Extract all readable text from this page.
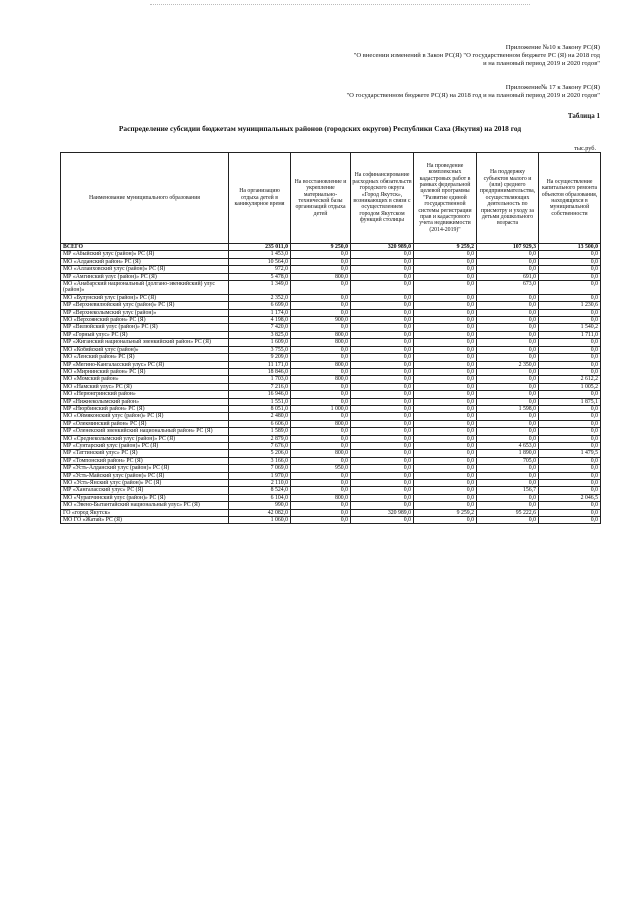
Приложение №10 к Закону РС(Я)
"О внесении изменений в Закон РС(Я) "О государственном бюджете РС (Я) на 2018 год
и на плановый период 2019 и 2020 годов"
Приложение№ 17 к Закону РС(Я)
"О государственном бюджете РС(Я) на 2018 год и на плановый период 2019 и 2020 годов"
Таблица 1
Распределение субсидии бюджетам муниципальных районов (городских округов) Республики Саха (Якутия) на 2018 год
тыс.руб.
Наименование муниципального образования	На организацию отдыха детей в каникулярное время	На восстановление и укрепление материально-технической базы организаций отдыха детей	На софинансирование расходных обязательств городского округа «Город Якутск», возникающих в связи с осуществлением городом Якутском функций столицы	На проведение комплексных кадастровых работ в рамках федеральной целевой программы "Развитие единой государственной системы регистрации прав и кадастрового учета недвижимости (2014-2019)"	На поддержку субъектов малого и (или) среднего предпринимательства, осуществляющих деятельность по присмотру и уходу за детьми дошкольного возраста	На осуществление капитального ремонта объектов образования, находящихся в муниципальной собственности
ВСЕГО	235 011,0	9 250,0	320 989,0	9 259,2	107 929,3	13 500,0
МР «Абыйский улус (район)» РС (Я)	1 453,0	0,0	0,0	0,0	0,0	0,0
МО «Алданский район» РС (Я)	10 564,0	0,0	0,0	0,0	0,0	0,0
МО «Аллаиховский улус (район)» РС (Я)	972,0	0,0	0,0	0,0	0,0	0,0
МР «Амгинский улус (район)» РС (Я)	5 478,0	800,0	0,0	0,0	691,0	0,0
МО «Анабарский национальный (долгано-эвенкийский) улус (район)»	1 349,0	0,0	0,0	0,0	673,0	0,0
МО «Булунский улус (район)» РС (Я)	2 352,0	0,0	0,0	0,0	0,0	0,0
МР «Верхневилюйский улус (район)» РС (Я)	6 699,0	0,0	0,0	0,0	0,0	1 230,6
МР «Верхнеколымский улус (район)»	1 174,0	0,0	0,0	0,0	0,0	0,0
МО «Верхоянский район» РС (Я)	4 198,0	900,0	0,0	0,0	0,0	0,0
МР «Вилюйский улус (район)» РС (Я)	7 420,0	0,0	0,0	0,0	0,0	1 540,2
МР «Горный улус» РС (Я)	3 825,0	800,0	0,0	0,0	0,0	1 711,0
МР «Жиганский национальный эвенкийский район» РС (Я)	1 609,0	800,0	0,0	0,0	0,0	0,0
МО «Кобяйский улус (район)»	3 755,0	0,0	0,0	0,0	0,0	0,0
МО «Ленский район» РС (Я)	9 209,0	0,0	0,0	0,0	0,0	0,0
МР «Мегино-Кангаласский улус» РС (Я)	11 171,0	800,0	0,0	0,0	2 350,0	0,0
МО «Мирнинский район» РС (Я)	18 846,0	0,0	0,0	0,0	0,0	0,0
МО «Момский район»	1 703,0	800,0	0,0	0,0	0,0	2 612,2
МО «Намский улус» РС (Я)	7 216,0	0,0	0,0	0,0	0,0	1 005,2
МО «Нерюнгринский район»	16 946,0	0,0	0,0	0,0	0,0	0,0
МР «Нижнеколымский район»	1 551,0	0,0	0,0	0,0	0,0	1 875,1
МР «Нюрбинский район» РС (Я)	8 051,0	1 000,0	0,0	0,0	1 598,0	0,0
МО «Оймяконский улус (район)» РС (Я)	2 480,0	0,0	0,0	0,0	0,0	0,0
МР «Олекминский район» РС (Я)	6 606,0	800,0	0,0	0,0	0,0	0,0
МР «Оленекский эвенкийский национальный район» РС (Я)	1 589,0	0,0	0,0	0,0	0,0	0,0
МО «Среднеколымский улус (район)» РС (Я)	2 879,0	0,0	0,0	0,0	0,0	0,0
МР «Сунтарский улус (район)» РС (Я)	7 676,0	0,0	0,0	0,0	4 653,0	0,0
МР «Таттинский улус» РС (Я)	5 206,0	800,0	0,0	0,0	1 890,0	1 479,5
МР «Томпонский район» РС (Я)	3 166,0	0,0	0,0	0,0	705,0	0,0
МР «Усть-Алданский улус (район)» РС (Я)	7 069,0	950,0	0,0	0,0	0,0	0,0
МР «Усть-Майский улус (район)» РС (Я)	1 970,0	0,0	0,0	0,0	0,0	0,0
МО «Усть-Янский улус (район)» РС (Я)	2 110,0	0,0	0,0	0,0	0,0	0,0
МР «Хангаласский улус» РС (Я)	8 524,0	0,0	0,0	0,0	156,7	0,0
МО «Чурапчинский улус (район)» РС (Я)	6 104,0	800,0	0,0	0,0	0,0	2 046,5
МО «Эвено-Бытантайский национальный улус» РС (Я)	990,0	0,0	0,0	0,0	0,0	0,0
ГО «город Якутск»	42 082,0	0,0	320 989,0	9 259,2	95 222,6	0,0
МО ГО «Жатай» РС (Я)	1 060,0	0,0	0,0	0,0	0,0	0,0
